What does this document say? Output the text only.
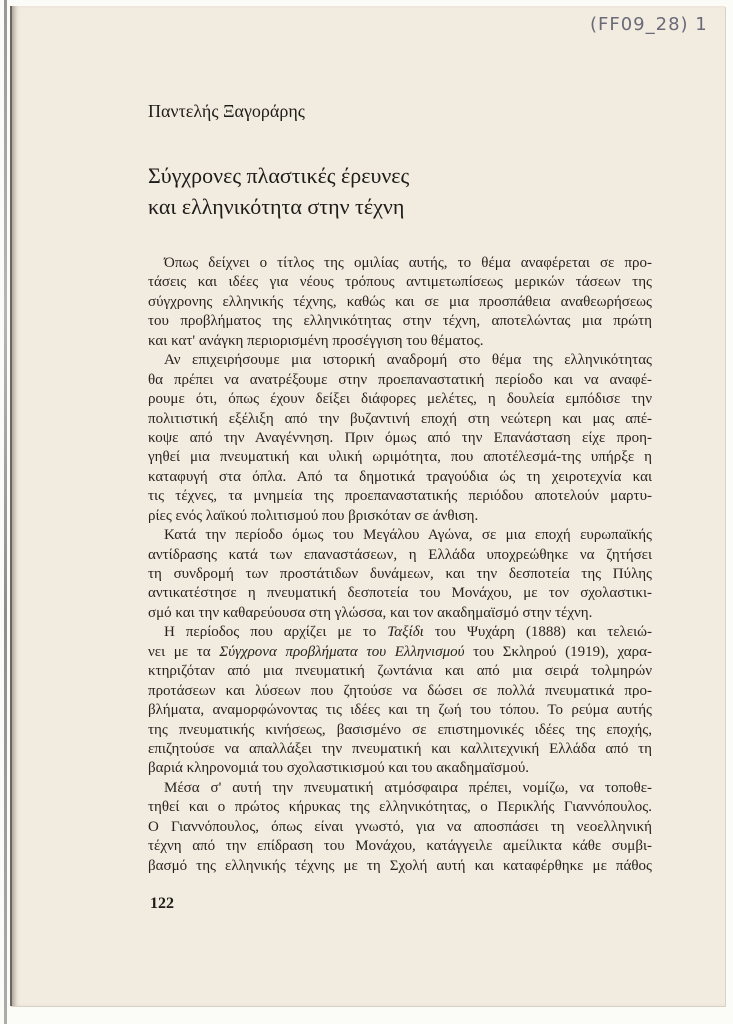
(FF09_28) 1
Παντελής Ξαγοράρης
Σύγχρονες πλαστικές έρευνες
και ελληνικότητα στην τέχνη
Όπως δείχνει ο τίτλος της ομιλίας αυτής, το θέμα αναφέρεται σε προ-
τάσεις και ιδέες για νέους τρόπους αντιμετωπίσεως μερικών τάσεων της
σύγχρονης ελληνικής τέχνης, καθώς και σε μια προσπάθεια αναθεωρήσεως
του προβλήματος της ελληνικότητας στην τέχνη, αποτελώντας μια πρώτη
και κατ' ανάγκη περιορισμένη προσέγγιση του θέματος.
Αν επιχειρήσουμε μια ιστορική αναδρομή στο θέμα της ελληνικότητας
θα πρέπει να ανατρέξουμε στην προεπαναστατική περίοδο και να αναφέ-
ρουμε ότι, όπως έχουν δείξει διάφορες μελέτες, η δουλεία εμπόδισε την
πολιτιστική εξέλιξη από την βυζαντινή εποχή στη νεώτερη και μας απέ-
κοψε από την Αναγέννηση. Πριν όμως από την Επανάσταση είχε προη-
γηθεί μια πνευματική και υλική ωριμότητα, που αποτέλεσμά-της υπήρξε η
καταφυγή στα όπλα. Από τα δημοτικά τραγούδια ώς τη χειροτεχνία και
τις τέχνες, τα μνημεία της προεπαναστατικής περιόδου αποτελούν μαρτυ-
ρίες ενός λαϊκού πολιτισμού που βρισκόταν σε άνθιση.
Κατά την περίοδο όμως του Μεγάλου Αγώνα, σε μια εποχή ευρωπαϊκής
αντίδρασης κατά των επαναστάσεων, η Ελλάδα υποχρεώθηκε να ζητήσει
τη συνδρομή των προστάτιδων δυνάμεων, και την δεσποτεία της Πύλης
αντικατέστησε η πνευματική δεσποτεία του Μονάχου, με τον σχολαστικι-
σμό και την καθαρεύουσα στη γλώσσα, και τον ακαδημαϊσμό στην τέχνη.
Η περίοδος που αρχίζει με το Ταξίδι του Ψυχάρη (1888) και τελειώ-
νει με τα Σύγχρονα προβλήματα του Ελληνισμού του Σκληρού (1919), χαρα-
κτηριζόταν από μια πνευματική ζωντάνια και από μια σειρά τολμηρών
προτάσεων και λύσεων που ζητούσε να δώσει σε πολλά πνευματικά προ-
βλήματα, αναμορφώνοντας τις ιδέες και τη ζωή του τόπου. Το ρεύμα αυτής
της πνευματικής κινήσεως, βασισμένο σε επιστημονικές ιδέες της εποχής,
επιζητούσε να απαλλάξει την πνευματική και καλλιτεχνική Ελλάδα από τη
βαριά κληρονομιά του σχολαστικισμού και του ακαδημαϊσμού.
Μέσα σ' αυτή την πνευματική ατμόσφαιρα πρέπει, νομίζω, να τοποθε-
τηθεί και ο πρώτος κήρυκας της ελληνικότητας, ο Περικλής Γιαννόπουλος.
Ο Γιαννόπουλος, όπως είναι γνωστό, για να αποσπάσει τη νεοελληνική
τέχνη από την επίδραση του Μονάχου, κατάγγειλε αμείλικτα κάθε συμβι-
βασμό της ελληνικής τέχνης με τη Σχολή αυτή και καταφέρθηκε με πάθος
122
